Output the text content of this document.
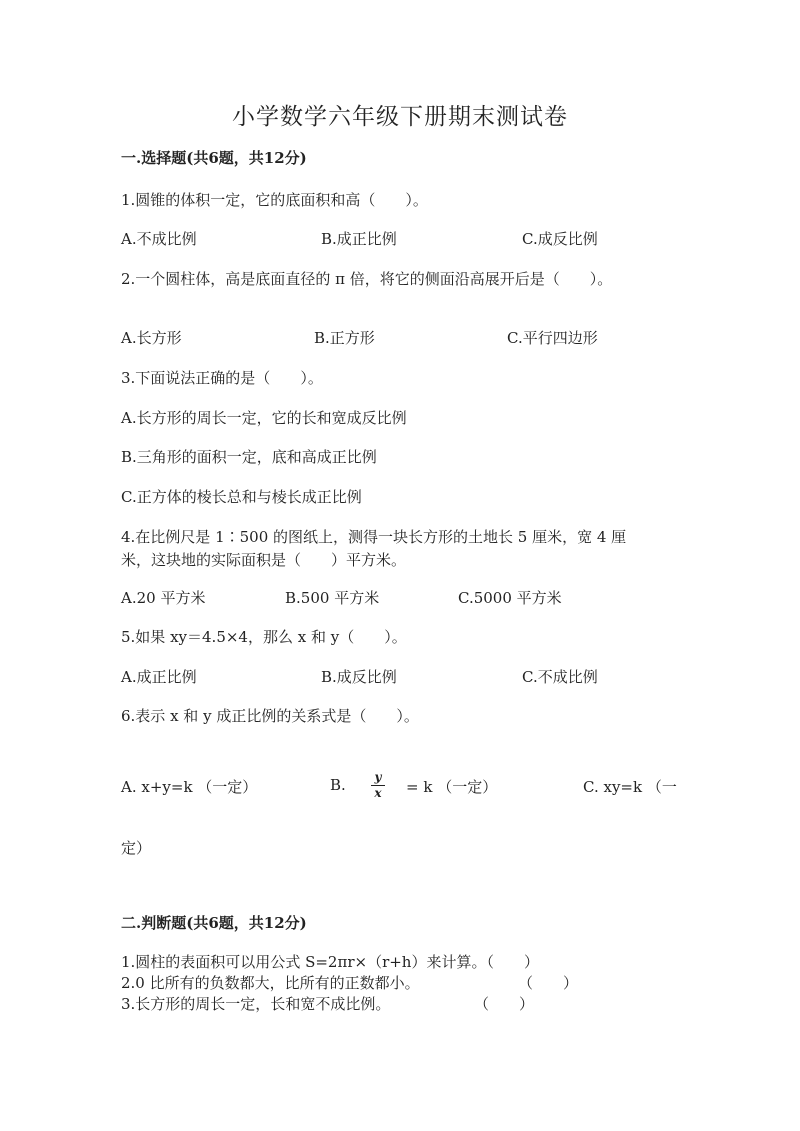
小学数学六年级下册期末测试卷
一.选择题(共6题，共12分)
1.圆锥的体积一定，它的底面积和高（　　）。
A.不成比例	B.成正比例	C.成反比例
2.一个圆柱体，高是底面直径的 π 倍，将它的侧面沿高展开后是（　　）。
A.长方形	B.正方形	C.平行四边形
3.下面说法正确的是（　　）。
A.长方形的周长一定，它的长和宽成反比例
B.三角形的面积一定，底和高成正比例
C.正方体的棱长总和与棱长成正比例
4.在比例尺是 1∶500 的图纸上，测得一块长方形的土地长 5 厘米，宽 4 厘
米，这块地的实际面积是（　　）平方米。
A.20 平方米	B.500 平方米	C.5000 平方米
5.如果 xy＝4.5×4，那么 x 和 y（　　）。
A.成正比例	B.成反比例	C.不成比例
6.表示 x 和 y 成正比例的关系式是（　　）。
A. x+y=k （一定）	B. y
x = k （一定）	C. xy=k （一
定）
二.判断题(共6题，共12分)
1.圆柱的表面积可以用公式 S=2πr×（r+h）来计算。（　　）
2.0 比所有的负数都大，比所有的正数都小。	（　　）
3.长方形的周长一定，长和宽不成比例。	（　　）
